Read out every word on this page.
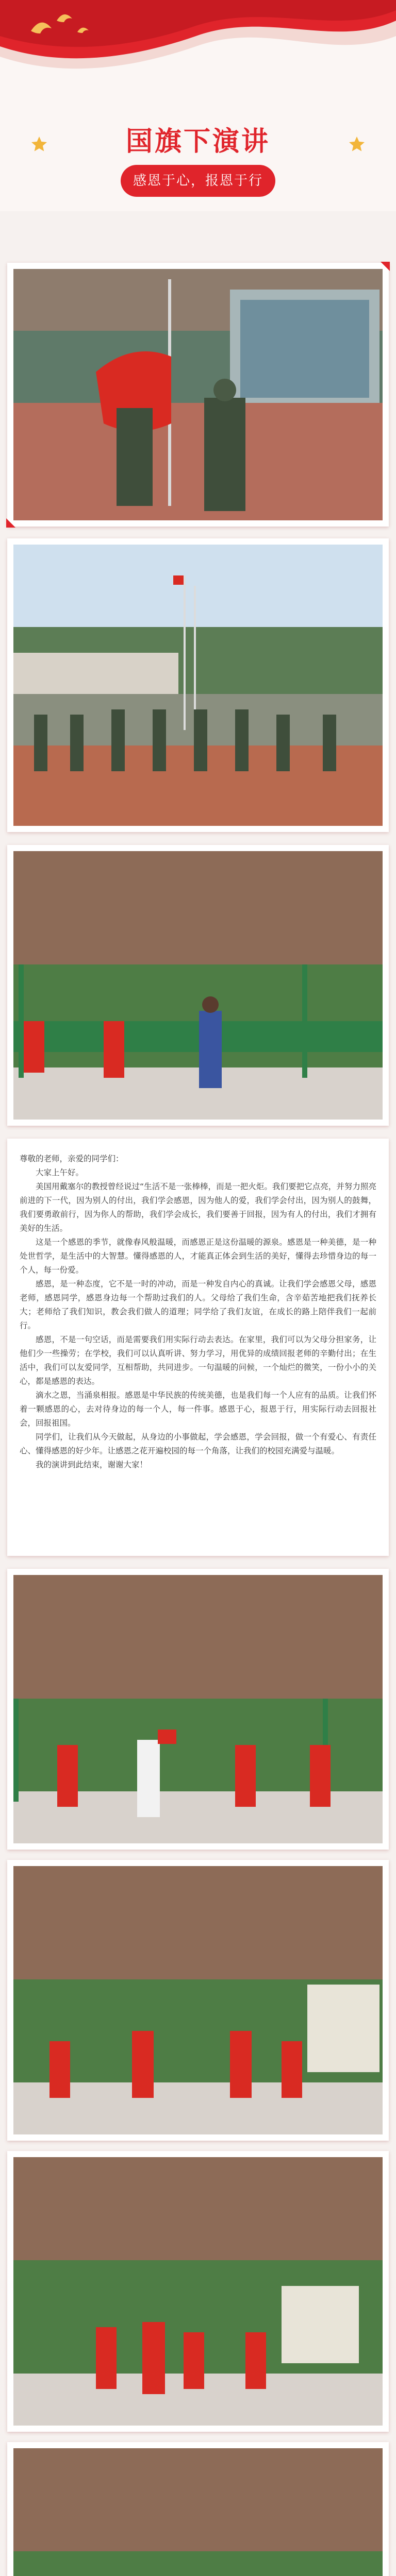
国旗下演讲
感恩于心，报恩于行

尊敬的老师，亲爱的同学们：

大家上午好。

美国用戴塞尔的教授曾经说过“生活不是一张棒棒，而是一把火炬。我们要把它点亮，并努力照亮前进的下一代，因为别人的付出，我们学会感恩，因为他人的爱，我们学会付出，因为别人的鼓舞，我们要勇敢前行，因为你人的帮助，我们学会成长，我们要善于回报，因为有人的付出，我们才拥有美好的生活。

这是一个感恩的季节，就像春风般温暖，而感恩正是这份温暖的源泉。感恩是一种美德，是一种处世哲学，是生活中的大智慧。懂得感恩的人，才能真正体会到生活的美好，懂得去珍惜身边的每一个人，每一份爱。

感恩，是一种态度，它不是一时的冲动，而是一种发自内心的真诚。让我们学会感恩父母，感恩老师，感恩同学，感恩身边每一个帮助过我们的人。父母给了我们生命，含辛茹苦地把我们抚养长大；老师给了我们知识，教会我们做人的道理；同学给了我们友谊，在成长的路上陪伴我们一起前行。

感恩，不是一句空话，而是需要我们用实际行动去表达。在家里，我们可以为父母分担家务，让他们少一些操劳；在学校，我们可以认真听讲、努力学习，用优异的成绩回报老师的辛勤付出；在生活中，我们可以友爱同学，互相帮助，共同进步。一句温暖的问候，一个灿烂的微笑，一份小小的关心，都是感恩的表达。

滴水之恩，当涌泉相报。感恩是中华民族的传统美德，也是我们每一个人应有的品质。让我们怀着一颗感恩的心，去对待身边的每一个人，每一件事。感恩于心，报恩于行，用实际行动去回报社会，回报祖国。

同学们，让我们从今天做起，从身边的小事做起，学会感恩，学会回报，做一个有爱心、有责任心、懂得感恩的好少年。让感恩之花开遍校园的每一个角落，让我们的校园充满爱与温暖。

我的演讲到此结束，谢谢大家！
